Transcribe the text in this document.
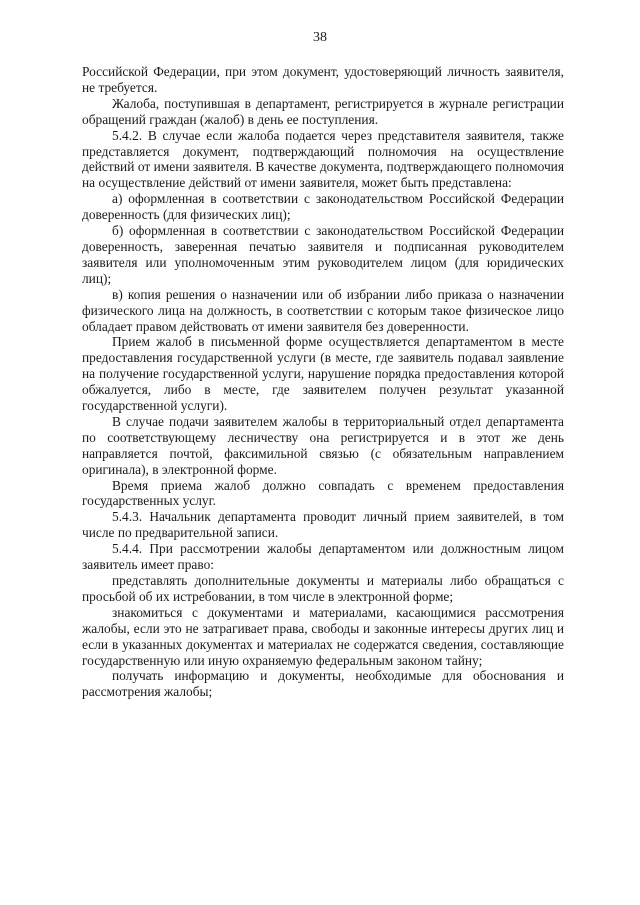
38

Российской Федерации, при этом документ, удостоверяющий личность заявителя, не требуется.

Жалоба, поступившая в департамент, регистрируется в журнале регистрации обращений граждан (жалоб) в день ее поступления.

5.4.2. В случае если жалоба подается через представителя заявителя, также представляется документ, подтверждающий полномочия на осуществление действий от имени заявителя. В качестве документа, подтверждающего полномочия на осуществление действий от имени заявителя, может быть представлена:

а) оформленная в соответствии с законодательством Российской Федерации доверенность (для физических лиц);

б) оформленная в соответствии с законодательством Российской Федерации доверенность, заверенная печатью заявителя и подписанная руководителем заявителя или уполномоченным этим руководителем лицом (для юридических лиц);

в) копия решения о назначении или об избрании либо приказа о назначении физического лица на должность, в соответствии с которым такое физическое лицо обладает правом действовать от имени заявителя без доверенности.

Прием жалоб в письменной форме осуществляется департаментом в месте предоставления государственной услуги (в месте, где заявитель подавал заявление на получение государственной услуги, нарушение порядка предоставления которой обжалуется, либо в месте, где заявителем получен результат указанной государственной услуги).

В случае подачи заявителем жалобы в территориальный отдел департамента по соответствующему лесничеству она регистрируется и в этот же день направляется почтой, факсимильной связью (с обязательным направлением оригинала), в электронной форме.

Время приема жалоб должно совпадать с временем предоставления государственных услуг.

5.4.3. Начальник департамента проводит личный прием заявителей, в том числе по предварительной записи.

5.4.4. При рассмотрении жалобы департаментом или должностным лицом заявитель имеет право:

представлять дополнительные документы и материалы либо обращаться с просьбой об их истребовании, в том числе в электронной форме;

знакомиться с документами и материалами, касающимися рассмотрения жалобы, если это не затрагивает права, свободы и законные интересы других лиц и если в указанных документах и материалах не содержатся сведения, составляющие государственную или иную охраняемую федеральным законом тайну;

получать информацию и документы, необходимые для обоснования и рассмотрения жалобы;
